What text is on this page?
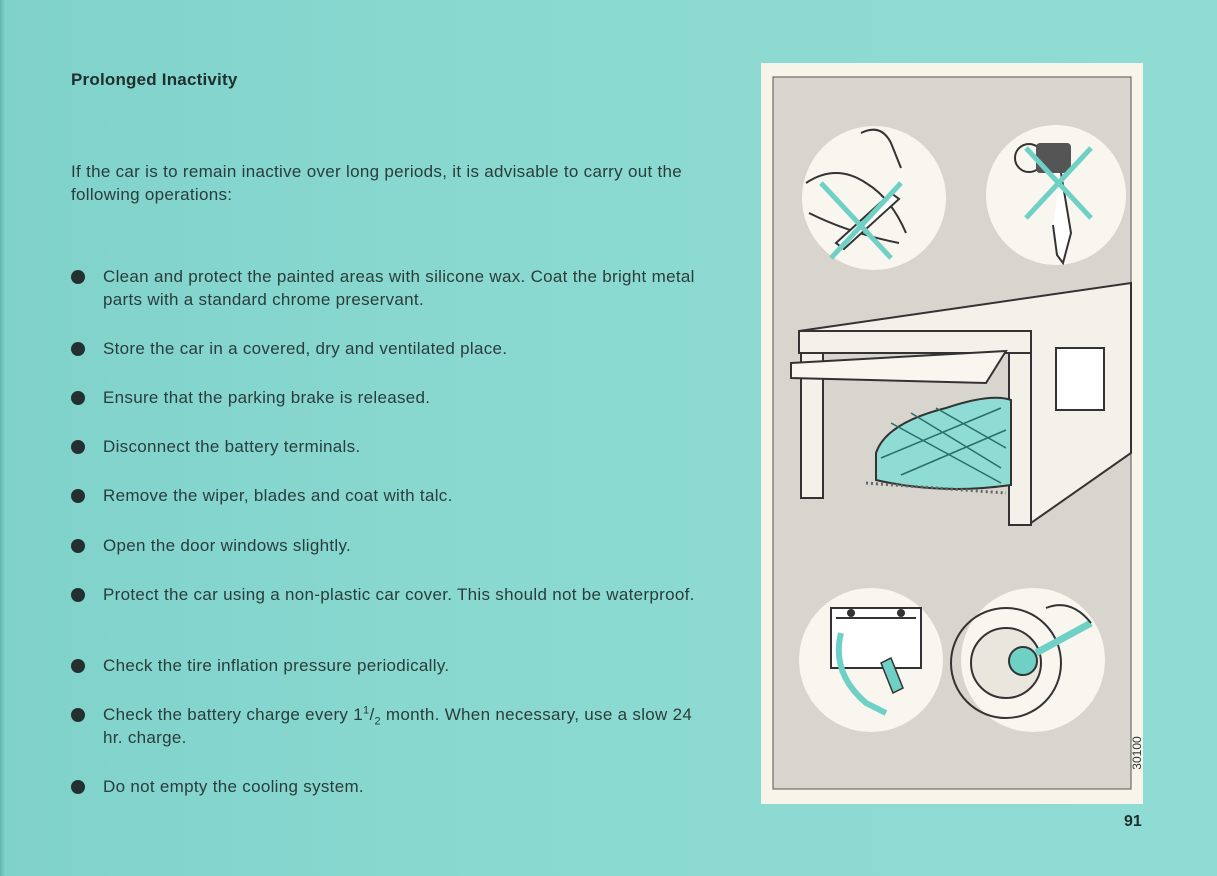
Prolonged Inactivity
If the car is to remain inactive over long periods, it is advisable to carry out the following operations:
Clean and protect the painted areas with silicone wax. Coat the bright metal parts with a standard chrome preservant.
Store the car in a covered, dry and ventilated place.
Ensure that the parking brake is released.
Disconnect the battery terminals.
Remove the wiper, blades and coat with talc.
Open the door windows slightly.
Protect the car using a non-plastic car cover. This should not be waterproof.
Check the tire inflation pressure periodically.
Check the battery charge every $1^1/_2$ month. When necessary, use a slow 24 hr. charge.
Do not empty the cooling system.
30100
91
